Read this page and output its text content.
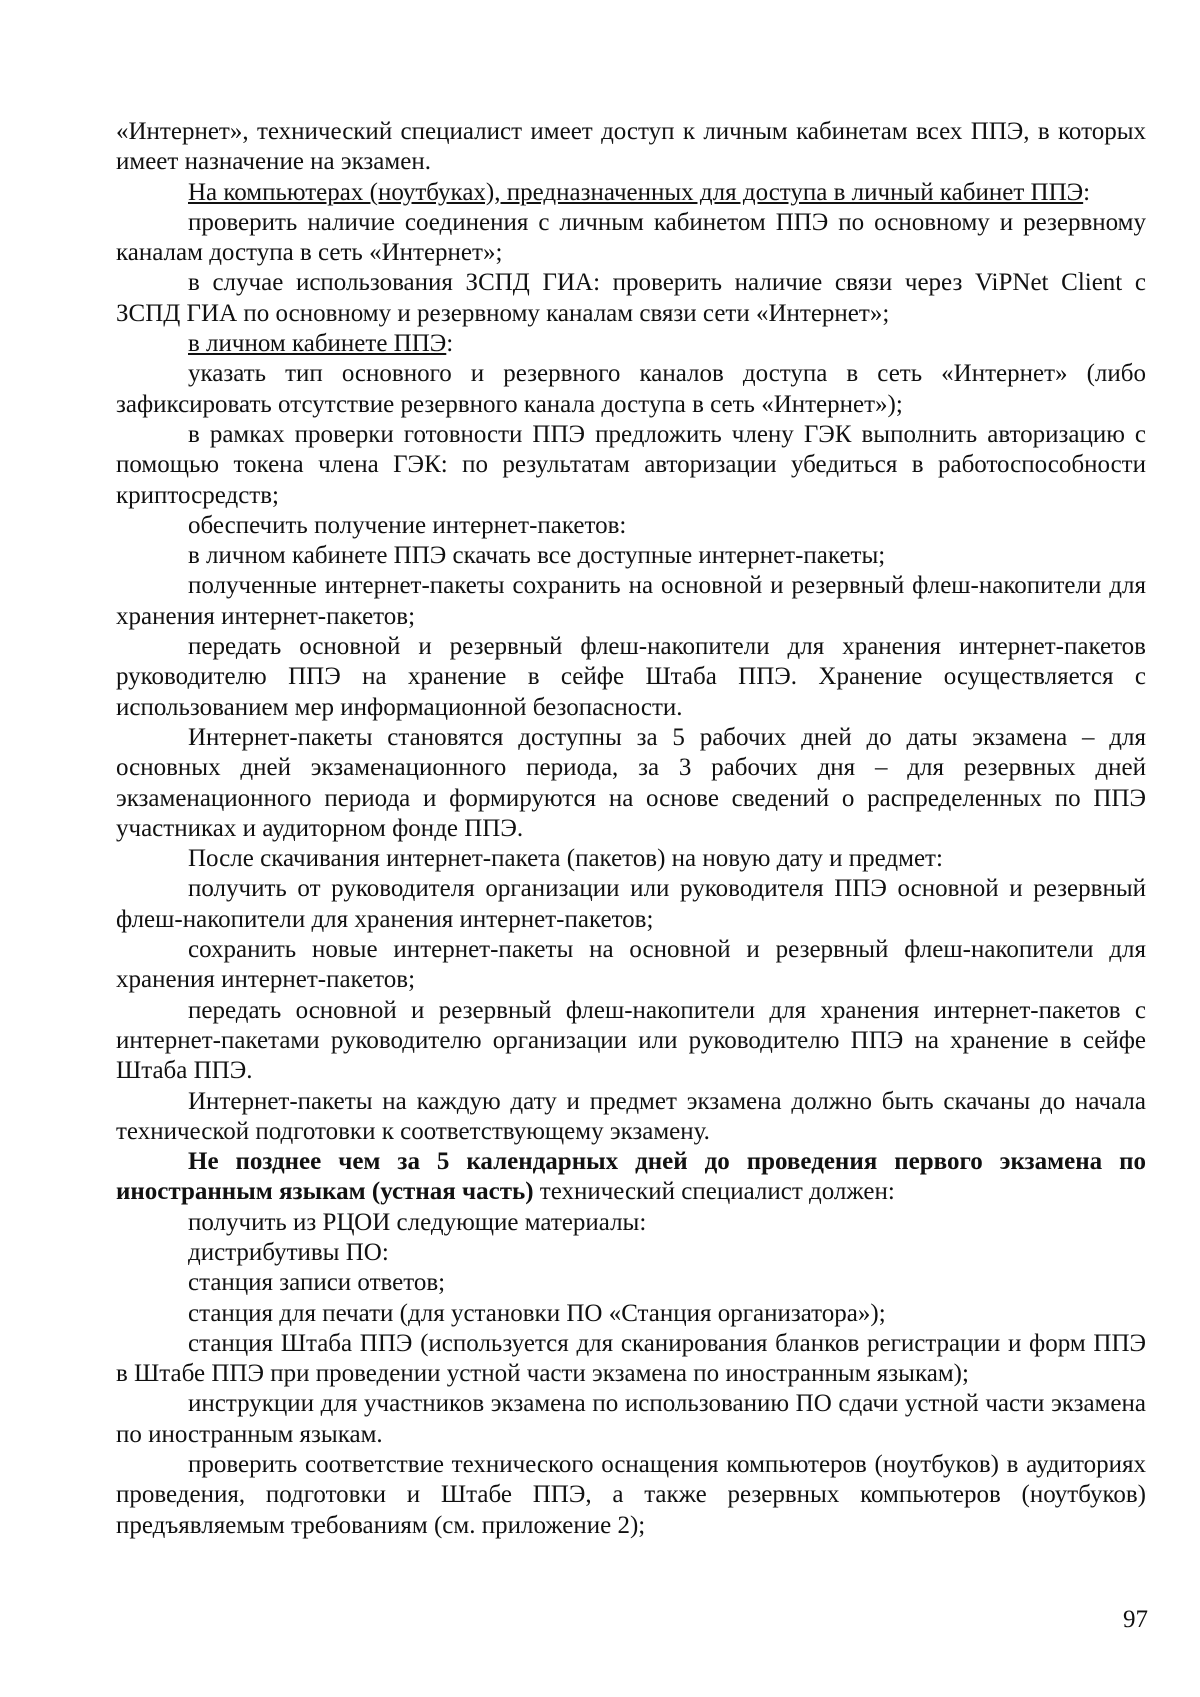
«Интернет», технический специалист имеет доступ к личным кабинетам всех ППЭ, в которых имеет назначение на экзамен.

На компьютерах (ноутбуках), предназначенных для доступа в личный кабинет ППЭ:

проверить наличие соединения с личным кабинетом ППЭ по основному и резервному каналам доступа в сеть «Интернет»;

в случае использования ЗСПД ГИА: проверить наличие связи через ViPNet Client с ЗСПД ГИА по основному и резервному каналам связи сети «Интернет»;

в личном кабинете ППЭ:

указать тип основного и резервного каналов доступа в сеть «Интернет» (либо зафиксировать отсутствие резервного канала доступа в сеть «Интернет»);

в рамках проверки готовности ППЭ предложить члену ГЭК выполнить авторизацию с помощью токена члена ГЭК: по результатам авторизации убедиться в работоспособности криптосредств;

обеспечить получение интернет-пакетов:

в личном кабинете ППЭ скачать все доступные интернет-пакеты;

полученные интернет-пакеты сохранить на основной и резервный флеш-накопители для хранения интернет-пакетов;

передать основной и резервный флеш-накопители для хранения интернет-пакетов руководителю ППЭ на хранение в сейфе Штаба ППЭ. Хранение осуществляется с использованием мер информационной безопасности.

Интернет-пакеты становятся доступны за 5 рабочих дней до даты экзамена – для основных дней экзаменационного периода, за 3 рабочих дня – для резервных дней экзаменационного периода и формируются на основе сведений о распределенных по ППЭ участниках и аудиторном фонде ППЭ.

После скачивания интернет-пакета (пакетов) на новую дату и предмет:

получить от руководителя организации или руководителя ППЭ основной и резервный флеш-накопители для хранения интернет-пакетов;

сохранить новые интернет-пакеты на основной и резервный флеш-накопители для хранения интернет-пакетов;

передать основной и резервный флеш-накопители для хранения интернет-пакетов с интернет-пакетами руководителю организации или руководителю ППЭ на хранение в сейфе Штаба ППЭ.

Интернет-пакеты на каждую дату и предмет экзамена должно быть скачаны до начала технической подготовки к соответствующему экзамену.

Не позднее чем за 5 календарных дней до проведения первого экзамена по иностранным языкам (устная часть) технический специалист должен:

получить из РЦОИ следующие материалы:

дистрибутивы ПО:

станция записи ответов;

станция для печати (для установки ПО «Станция организатора»);

станция Штаба ППЭ (используется для сканирования бланков регистрации и форм ППЭ в Штабе ППЭ при проведении устной части экзамена по иностранным языкам);

инструкции для участников экзамена по использованию ПО сдачи устной части экзамена по иностранным языкам.

проверить соответствие технического оснащения компьютеров (ноутбуков) в аудиториях проведения, подготовки и Штабе ППЭ, а также резервных компьютеров (ноутбуков) предъявляемым требованиям (см. приложение 2);

97
